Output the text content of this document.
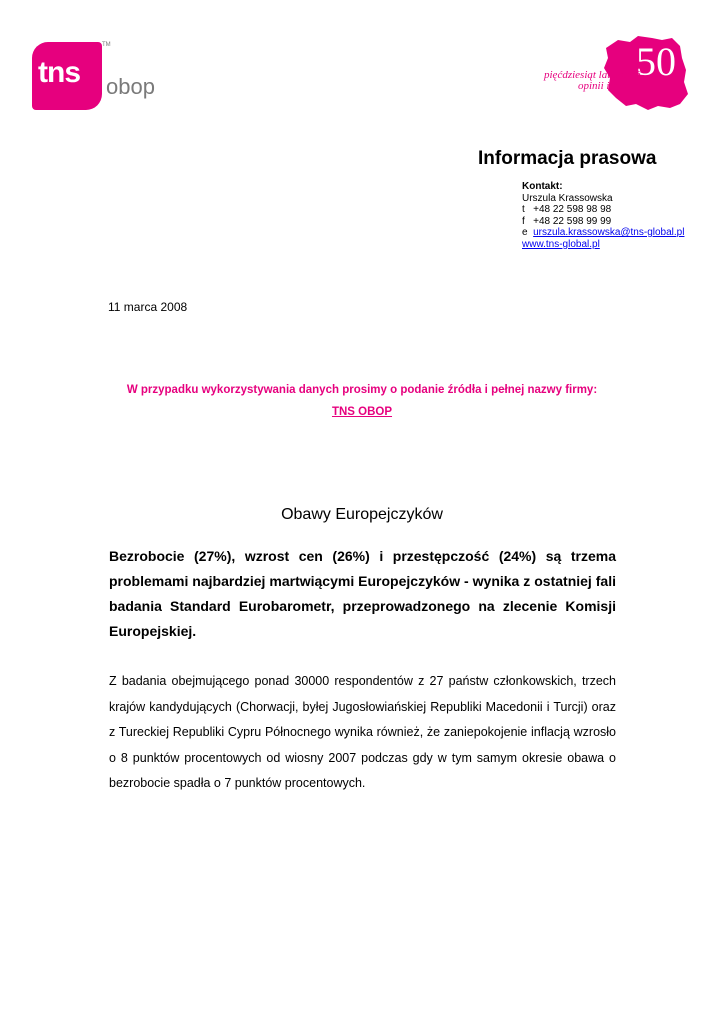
tns
TM
obop
50
pięćdziesiąt lat badań
opinii i rynku
Informacja prasowa
Kontakt:
Urszula Krassowska
t   +48 22 598 98 98
f   +48 22 598 99 99
e  urszula.krassowska@tns-global.pl
www.tns-global.pl
11 marca 2008
W przypadku wykorzystywania danych prosimy o podanie źródła i pełnej nazwy firmy:
TNS OBOP
Obawy Europejczyków
Bezrobocie (27%), wzrost cen (26%) i przestępczość (24%) są trzema problemami najbardziej martwiącymi Europejczyków - wynika z ostatniej fali badania Standard Eurobarometr, przeprowadzonego na zlecenie Komisji Europejskiej.
Z badania obejmującego ponad 30000 respondentów z 27 państw członkowskich, trzech krajów kandydujących (Chorwacji, byłej Jugosłowiańskiej Republiki Macedonii i Turcji) oraz z Tureckiej Republiki Cypru Północnego wynika również, że zaniepokojenie inflacją wzrosło o 8 punktów procentowych od wiosny 2007 podczas gdy w tym samym okresie obawa o bezrobocie spadła o 7 punktów procentowych.
